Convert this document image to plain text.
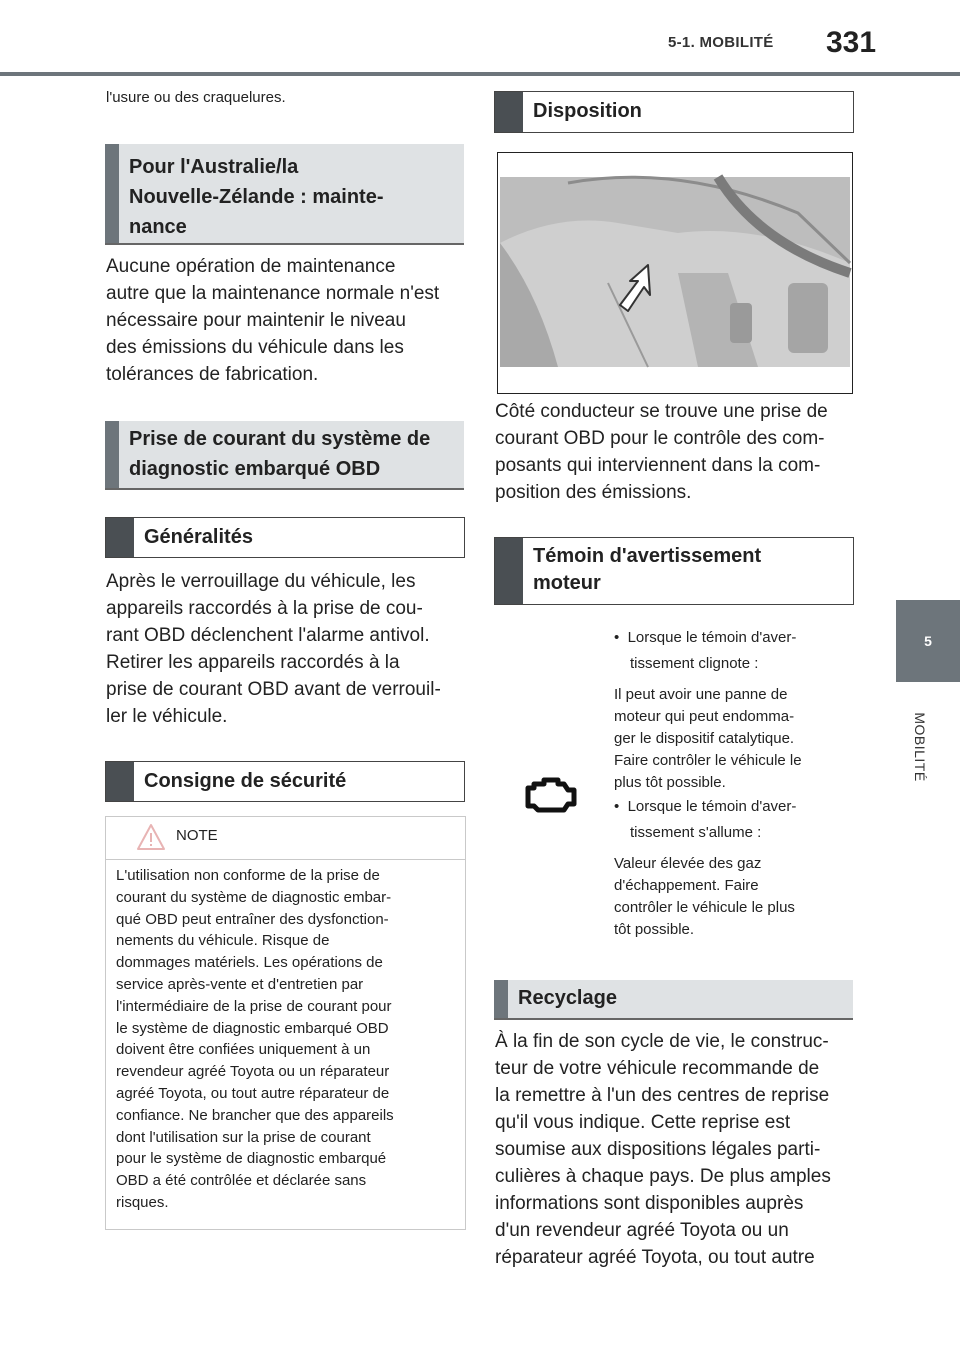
5-1. MOBILITÉ 331
5
MOBILITÉ
l'usure ou des craquelures.
Pour l'Australie/la
Nouvelle-Zélande : mainte-
nance
Aucune opération de maintenance
autre que la maintenance normale n'est
nécessaire pour maintenir le niveau
des émissions du véhicule dans les
tolérances de fabrication.
Prise de courant du système de
diagnostic embarqué OBD
Généralités
Après le verrouillage du véhicule, les
appareils raccordés à la prise de cou-
rant OBD déclenchent l'alarme antivol.
Retirer les appareils raccordés à la
prise de courant OBD avant de verrouil-
ler le véhicule.
Consigne de sécurité
NOTE
L'utilisation non conforme de la prise de
courant du système de diagnostic embar-
qué OBD peut entraîner des dysfonction-
nements du véhicule. Risque de
dommages matériels. Les opérations de
service après-vente et d'entretien par
l'intermédiaire de la prise de courant pour
le système de diagnostic embarqué OBD
doivent être confiées uniquement à un
revendeur agréé Toyota ou un réparateur
agréé Toyota, ou tout autre réparateur de
confiance. Ne brancher que des appareils
dont l'utilisation sur la prise de courant
pour le système de diagnostic embarqué
OBD a été contrôlée et déclarée sans
risques.
Disposition
Côté conducteur se trouve une prise de
courant OBD pour le contrôle des com-
posants qui interviennent dans la com-
position des émissions.
Témoin d'avertissement
moteur
•  Lorsque le témoin d'aver-
tissement clignote :
Il peut avoir une panne de
moteur qui peut endomma-
ger le dispositif catalytique.
Faire contrôler le véhicule le
plus tôt possible.
•  Lorsque le témoin d'aver-
tissement s'allume :
Valeur élevée des gaz
d'échappement. Faire
contrôler le véhicule le plus
tôt possible.
Recyclage
À la fin de son cycle de vie, le construc-
teur de votre véhicule recommande de
la remettre à l'un des centres de reprise
qu'il vous indique. Cette reprise est
soumise aux dispositions légales parti-
culières à chaque pays. De plus amples
informations sont disponibles auprès
d'un revendeur agréé Toyota ou un
réparateur agréé Toyota, ou tout autre
